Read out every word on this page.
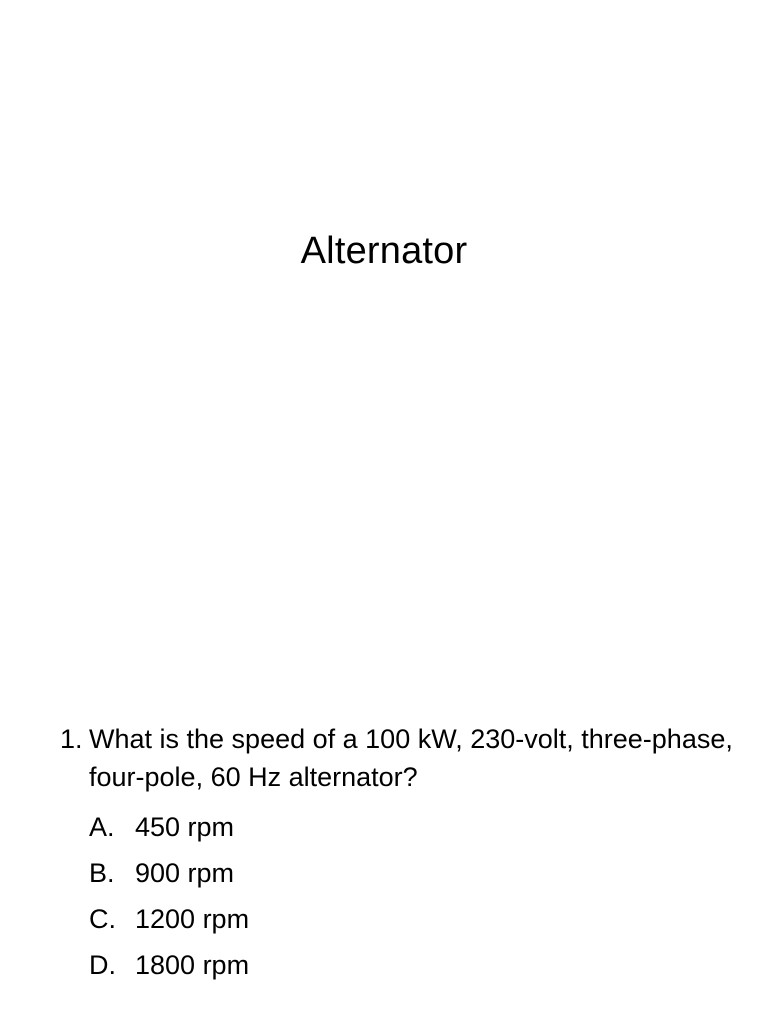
Alternator
1. What is the speed of a 100 kW, 230-volt, three-phase, four-pole, 60 Hz alternator?
A. 450 rpm
B. 900 rpm
C. 1200 rpm
D. 1800 rpm
